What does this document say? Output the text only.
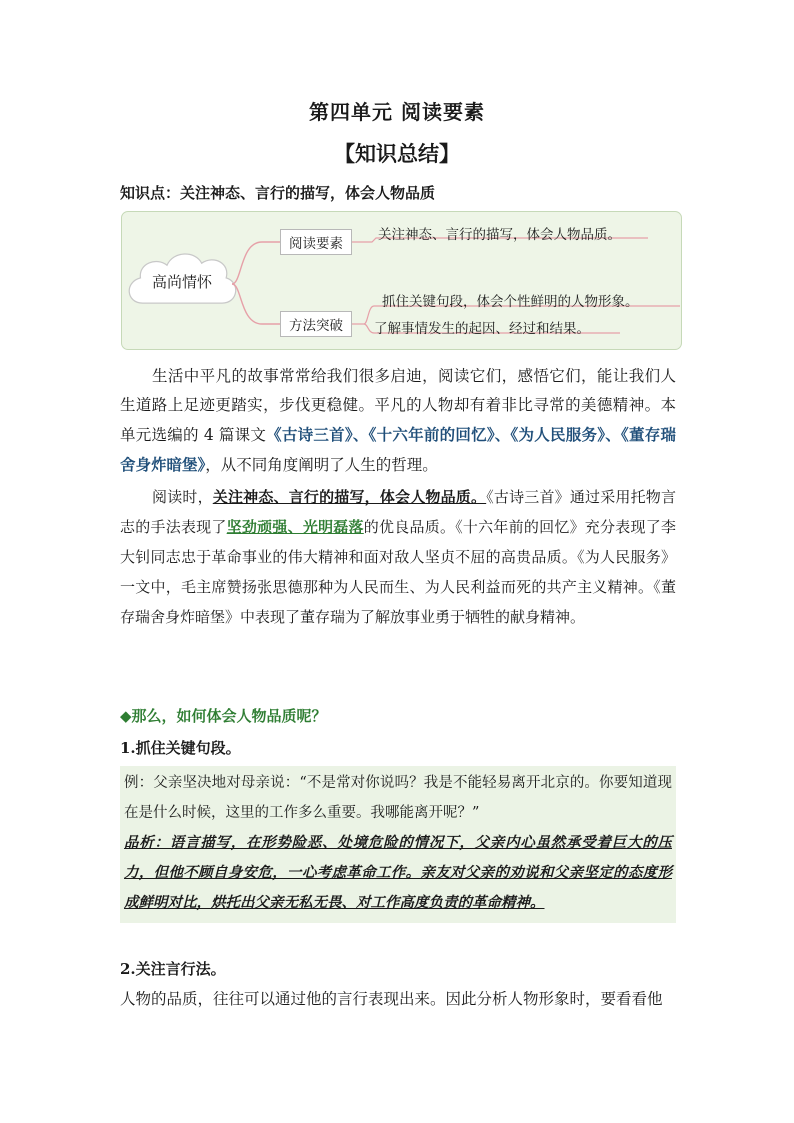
第四单元 阅读要素
【知识总结】
知识点：关注神态、言行的描写，体会人物品质
高尚情怀
阅读要素
方法突破
关注神态、言行的描写，体会人物品质。
抓住关键句段，体会个性鲜明的人物形象。
了解事情发生的起因、经过和结果。

生活中平凡的故事常常给我们很多启迪，阅读它们，感悟它们，能让我们人生道路上足迹更踏实，步伐更稳健。平凡的人物却有着非比寻常的美德精神。本单元选编的 4 篇课文《古诗三首》、《十六年前的回忆》、《为人民服务》、《董存瑞舍身炸暗堡》，从不同角度阐明了人生的哲理。

阅读时，关注神态、言行的描写，体会人物品质。《古诗三首》通过采用托物言志的手法表现了坚劲顽强、光明磊落的优良品质。《十六年前的回忆》充分表现了李大钊同志忠于革命事业的伟大精神和面对敌人坚贞不屈的高贵品质。《为人民服务》一文中，毛主席赞扬张思德那种为人民而生、为人民利益而死的共产主义精神。《董存瑞舍身炸暗堡》中表现了董存瑞为了解放事业勇于牺牲的献身精神。

◆那么，如何体会人物品质呢？
1.抓住关键句段。

例：父亲坚决地对母亲说：“不是常对你说吗？我是不能轻易离开北京的。你要知道现在是什么时候，这里的工作多么重要。我哪能离开呢？”

品析：语言描写，在形势险恶、处境危险的情况下，父亲内心虽然承受着巨大的压力，但他不顾自身安危，一心考虑革命工作。亲友对父亲的劝说和父亲坚定的态度形成鲜明对比，烘托出父亲无私无畏、对工作高度负责的革命精神。

2.关注言行法。

人物的品质，往往可以通过他的言行表现出来。因此分析人物形象时，要看看他
